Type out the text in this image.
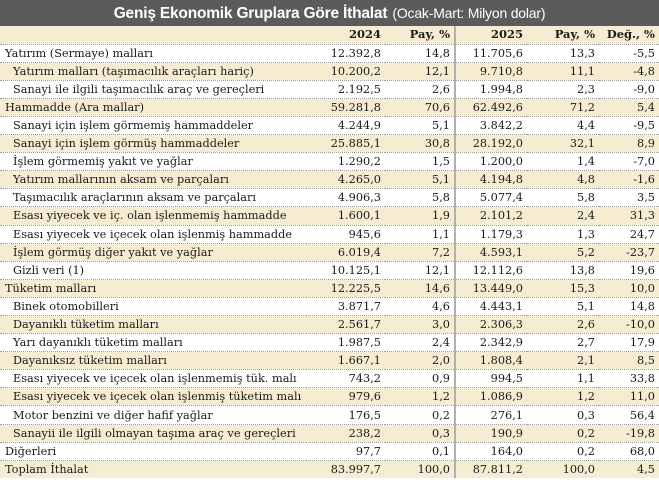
Geniş Ekonomik Gruplara Göre İthalat (Ocak-Mart: Milyon dolar)
	2024	Pay, %	2025	Pay, %	Değ., %
Yatırım (Sermaye) malları	12.392,8	14,8	11.705,6	13,3	-5,5
Yatırım malları (taşımacılık araçları hariç)	10.200,2	12,1	9.710,8	11,1	-4,8
Sanayi ile ilgili taşımacılık araç ve gereçleri	2.192,5	2,6	1.994,8	2,3	-9,0
Hammadde (Ara mallar)	59.281,8	70,6	62.492,6	71,2	5,4
Sanayi için işlem görmemiş hammaddeler	4.244,9	5,1	3.842,2	4,4	-9,5
Sanayi için işlem görmüş hammaddeler	25.885,1	30,8	28.192,0	32,1	8,9
İşlem görmemiş yakıt ve yağlar	1.290,2	1,5	1.200,0	1,4	-7,0
Yatırım mallarının aksam ve parçaları	4.265,0	5,1	4.194,8	4,8	-1,6
Taşımacılık araçlarının aksam ve parçaları	4.906,3	5,8	5.077,4	5,8	3,5
Esası yiyecek ve iç. olan işlenmemiş hammadde	1.600,1	1,9	2.101,2	2,4	31,3
Esası yiyecek ve içecek olan işlenmiş hammadde	945,6	1,1	1.179,3	1,3	24,7
İşlem görmüş diğer yakıt ve yağlar	6.019,4	7,2	4.593,1	5,2	-23,7
Gizli veri (1)	10.125,1	12,1	12.112,6	13,8	19,6
Tüketim malları	12.225,5	14,6	13.449,0	15,3	10,0
Binek otomobilleri	3.871,7	4,6	4.443,1	5,1	14,8
Dayanıklı tüketim malları	2.561,7	3,0	2.306,3	2,6	-10,0
Yarı dayanıklı tüketim malları	1.987,5	2,4	2.342,9	2,7	17,9
Dayanıksız tüketim malları	1.667,1	2,0	1.808,4	2,1	8,5
Esası yiyecek ve içecek olan işlenmemiş tük. malı	743,2	0,9	994,5	1,1	33,8
Esası yiyecek ve içecek olan işlenmiş tüketim malı	979,6	1,2	1.086,9	1,2	11,0
Motor benzini ve diğer hafif yağlar	176,5	0,2	276,1	0,3	56,4
Sanayii ile ilgili olmayan taşıma araç ve gereçleri	238,2	0,3	190,9	0,2	-19,8
Diğerleri	97,7	0,1	164,0	0,2	68,0
Toplam İthalat	83.997,7	100,0	87.811,2	100,0	4,5
